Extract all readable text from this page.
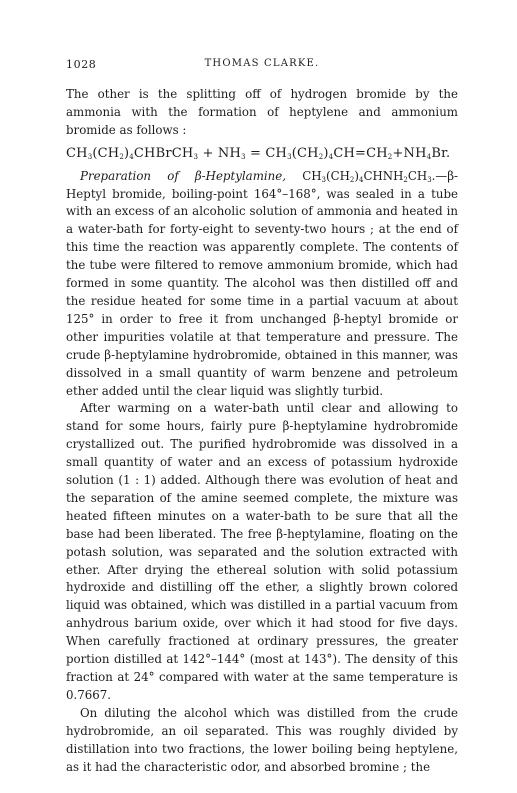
1028	THOMAS CLARKE.

The other is the splitting off of hydrogen bromide by the ammonia with the formation of heptylene and ammonium bromide as follows :

$CH_3(CH_2)_4CHBrCH_3 + NH_3 = CH_3(CH_2)_4CH=CH_2+NH_4Br$.

Preparation of β-Heptylamine, $CH_3(CH_2)_4CHNH_2CH_3.—\beta-$ Heptyl bromide, boiling-point 164°–168°, was sealed in a tube with an excess of an alcoholic solution of ammonia and heated in a water-bath for forty-eight to seventy-two hours ; at the end of this time the reaction was apparently complete. The contents of the tube were filtered to remove ammonium bromide, which had formed in some quantity. The alcohol was then distilled off and the residue heated for some time in a partial vacuum at about 125° in order to free it from unchanged β-heptyl bromide or other impurities volatile at that temperature and pressure. The crude β-heptylamine hydrobromide, obtained in this manner, was dissolved in a small quantity of warm benzene and petroleum ether added until the clear liquid was slightly turbid.

After warming on a water-bath until clear and allowing to stand for some hours, fairly pure β-heptylamine hydrobromide crystallized out. The purified hydrobromide was dissolved in a small quantity of water and an excess of potassium hydroxide solution (1 : 1) added. Although there was evolution of heat and the separation of the amine seemed complete, the mixture was heated fifteen minutes on a water-bath to be sure that all the base had been liberated. The free β-heptylamine, floating on the potash solution, was separated and the solution extracted with ether. After drying the ethereal solution with solid potassium hydroxide and distilling off the ether, a slightly brown colored liquid was obtained, which was distilled in a partial vacuum from anhydrous barium oxide, over which it had stood for five days. When carefully fractioned at ordinary pressures, the greater portion distilled at 142°–144° (most at 143°). The density of this fraction at 24° compared with water at the same temperature is 0.7667.

On diluting the alcohol which was distilled from the crude hydrobromide, an oil separated. This was roughly divided by distillation into two fractions, the lower boiling being heptylene, as it had the characteristic odor, and absorbed bromine ; the
